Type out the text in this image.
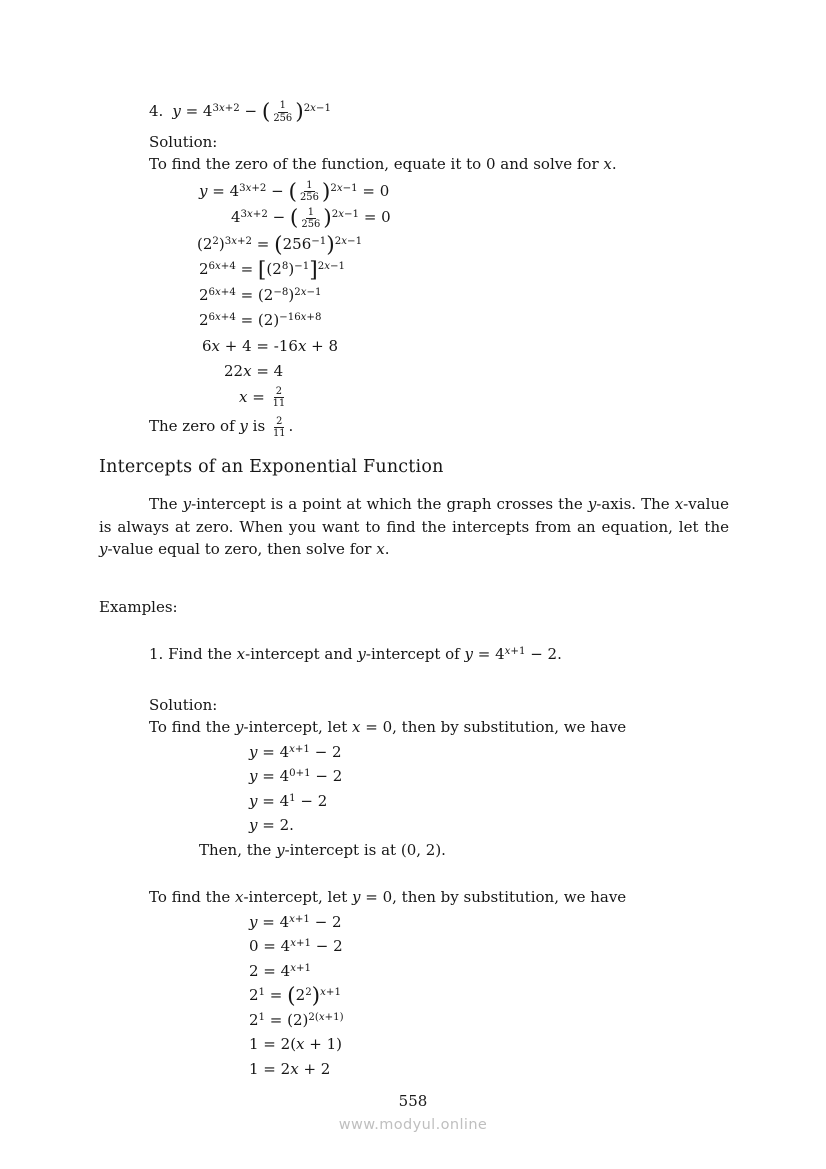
4. $y = 4^{3x+2}$ − ( $\frac{1}{256} )^{2x-1}$

Solution:

To find the zero of the function, equate it to 0 and solve for x.

$y = 4^{3x+2}$ − ( $\frac{1}{256} )^{2x-1} = 0$
$4^{3x+2}$ − ( $\frac{1}{256} )^{2x-1} = 0$
$(2^2)^{3x+2} = (256^{-1})^{2x-1}$
$2^{6x+4} = [(2^8)^{-1}]^{2x-1}$
$2^{6x+4} = (2^{-8})^{2x-1}$
$2^{6x+4} = (2)^{-16x+8}$
6x + 4 = -16x + 8
22x = 4
$x = \frac{2}{11}$

The zero of y is $\frac{2}{11}$ .

Intercepts of an Exponential Function

The y-intercept is a point at which the graph crosses the y-axis. The x-value is always at zero. When you want to find the intercepts from an equation, let the y-value equal to zero, then solve for x.

Examples:

1. Find the x-intercept and y-intercept of $y = 4^{x+1} - 2$.

Solution:

To find the y-intercept, let x = 0, then by substitution, we have

$y = 4^{x+1} - 2$
$y = 4^{0+1} - 2$
$y = 4^1 - 2$
y = 2.

Then, the y-intercept is at (0, 2).

To find the x-intercept, let y = 0, then by substitution, we have

$y = 4^{x+1} - 2$
$0 = 4^{x+1} - 2$
$2 = 4^{x+1}$
$2^1 = (2^2)^{x+1}$
$2^1 = (2)^{2(x+1)}$
1 = 2(x + 1)
1 = 2x + 2
558
www.modyul.online
